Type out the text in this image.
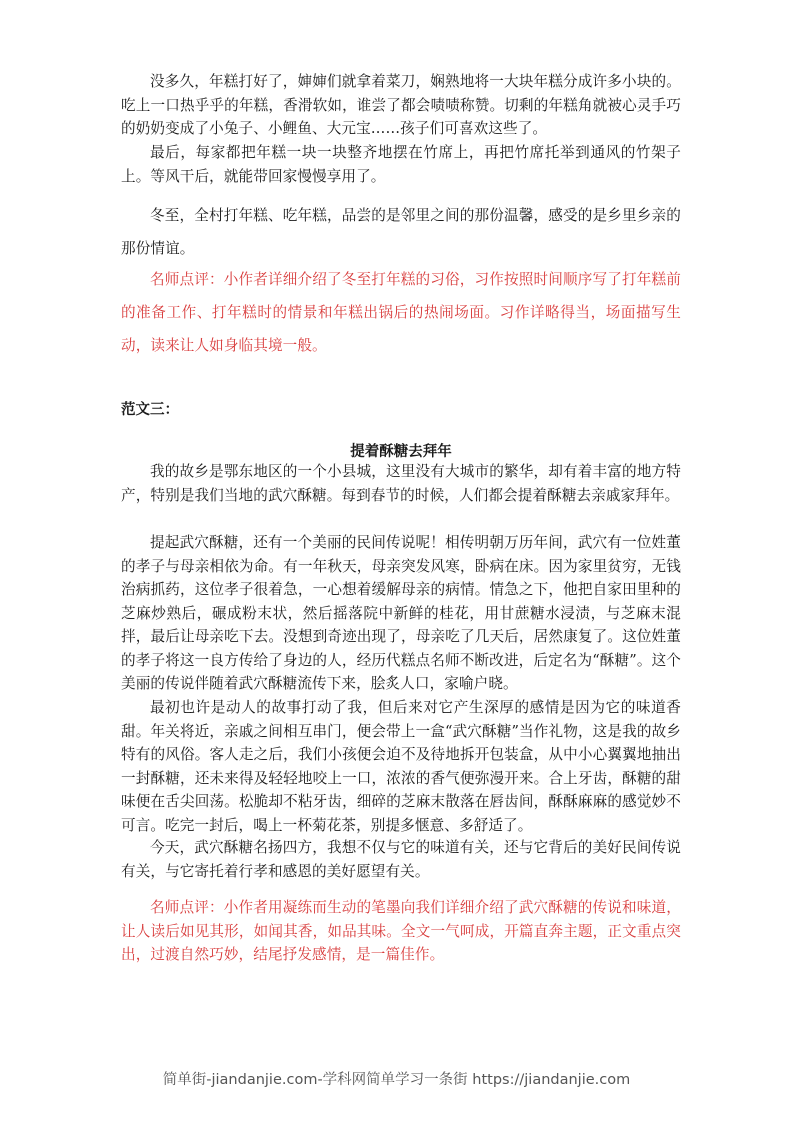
没多久，年糕打好了，婶婶们就拿着菜刀，娴熟地将一大块年糕分成许多小块的。吃上一口热乎乎的年糕，香滑软如，谁尝了都会啧啧称赞。切剩的年糕角就被心灵手巧的奶奶变成了小兔子、小鲤鱼、大元宝……孩子们可喜欢这些了。

最后，每家都把年糕一块一块整齐地摆在竹席上，再把竹席托举到通风的竹架子上。等风干后，就能带回家慢慢享用了。

冬至，全村打年糕、吃年糕，品尝的是邻里之间的那份温馨，感受的是乡里乡亲的那份情谊。

名师点评：小作者详细介绍了冬至打年糕的习俗，习作按照时间顺序写了打年糕前的准备工作、打年糕时的情景和年糕出锅后的热闹场面。习作详略得当，场面描写生动，读来让人如身临其境一般。

范文三：

提着酥糖去拜年

我的故乡是鄂东地区的一个小县城，这里没有大城市的繁华，却有着丰富的地方特产，特别是我们当地的武穴酥糖。每到春节的时候，人们都会提着酥糖去亲戚家拜年。

提起武穴酥糖，还有一个美丽的民间传说呢！相传明朝万历年间，武穴有一位姓董的孝子与母亲相依为命。有一年秋天，母亲突发风寒，卧病在床。因为家里贫穷，无钱治病抓药，这位孝子很着急，一心想着缓解母亲的病情。情急之下，他把自家田里种的芝麻炒熟后，碾成粉末状，然后摇落院中新鲜的桂花，用甘蔗糖水浸渍，与芝麻末混拌，最后让母亲吃下去。没想到奇迹出现了，母亲吃了几天后，居然康复了。这位姓董的孝子将这一良方传给了身边的人，经历代糕点名师不断改进，后定名为“酥糖”。这个美丽的传说伴随着武穴酥糖流传下来，脍炙人口，家喻户晓。

最初也许是动人的故事打动了我，但后来对它产生深厚的感情是因为它的味道香甜。年关将近，亲戚之间相互串门，便会带上一盒“武穴酥糖”当作礼物，这是我的故乡特有的风俗。客人走之后，我们小孩便会迫不及待地拆开包装盒，从中小心翼翼地抽出一封酥糖，还未来得及轻轻地咬上一口，浓浓的香气便弥漫开来。合上牙齿，酥糖的甜味便在舌尖回荡。松脆却不粘牙齿，细碎的芝麻末散落在唇齿间，酥酥麻麻的感觉妙不可言。吃完一封后，喝上一杯菊花茶，别提多惬意、多舒适了。

今天，武穴酥糖名扬四方，我想不仅与它的味道有关，还与它背后的美好民间传说有关，与它寄托着行孝和感恩的美好愿望有关。

名师点评：小作者用凝练而生动的笔墨向我们详细介绍了武穴酥糖的传说和味道，让人读后如见其形，如闻其香，如品其味。全文一气呵成，开篇直奔主题，正文重点突出，过渡自然巧妙，结尾抒发感情，是一篇佳作。

简单街-jiandanjie.com-学科网简单学习一条街 https://jiandanjie.com
